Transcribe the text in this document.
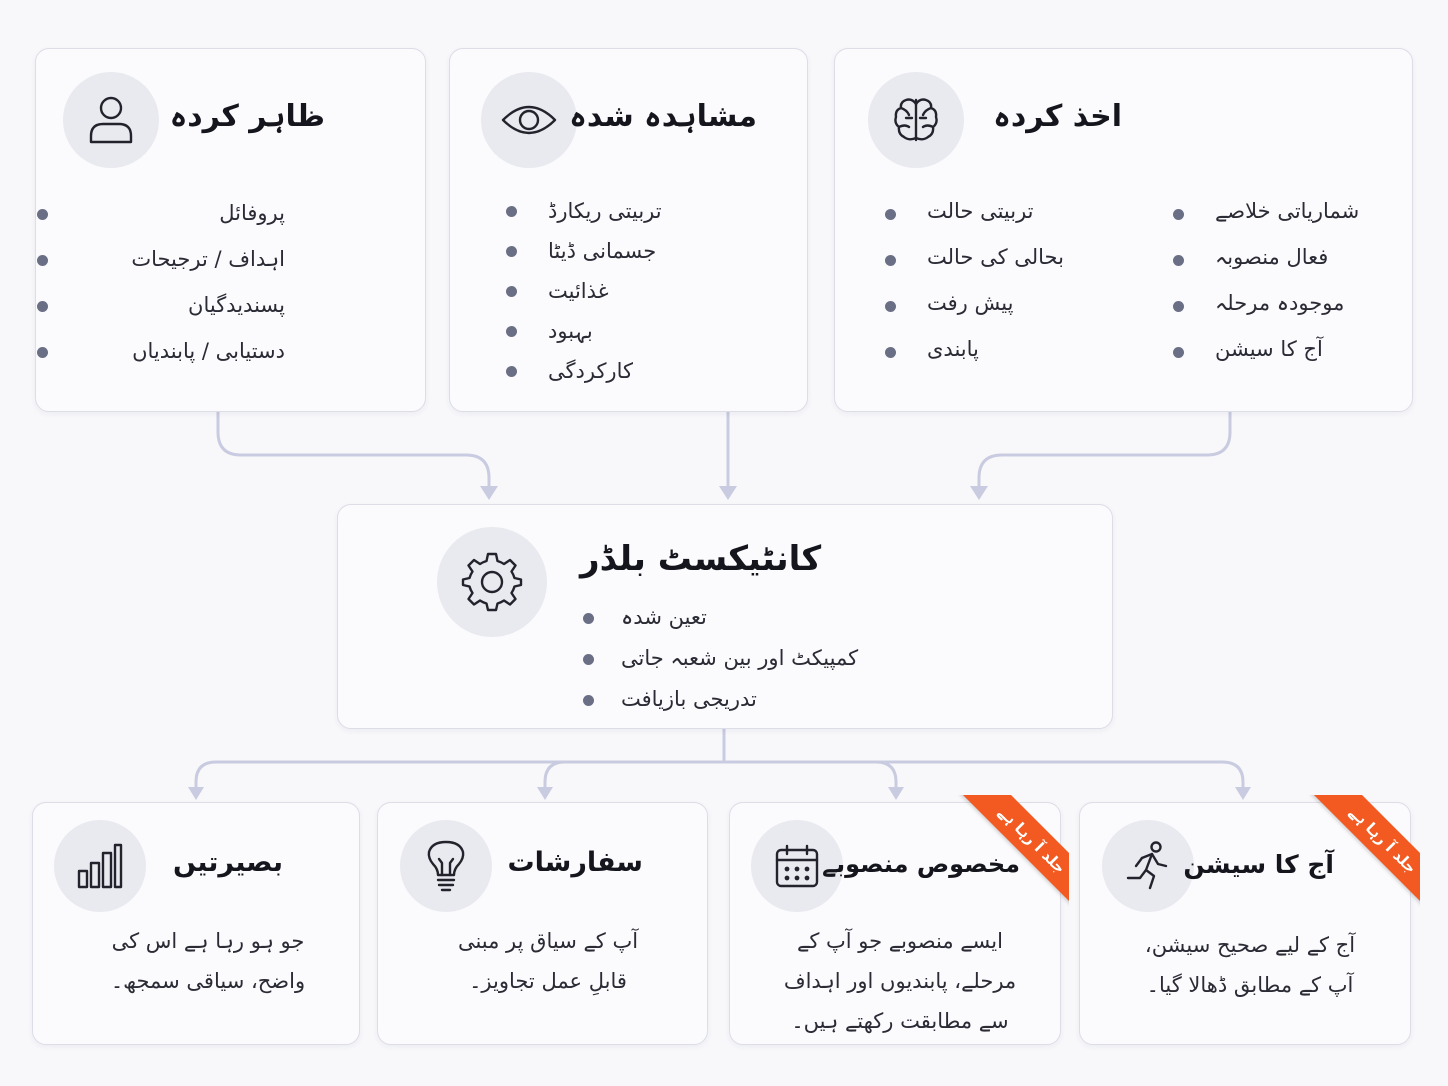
ظاہر کردہ
پروفائل
اہداف / ترجیحات
پسندیدگیان
دستیابی / پابندیاں
مشاہدہ شدہ
تربیتی ریکارڈ
جسمانی ڈیٹا
غذائیت
بہبود
کارکردگی
اخذ کردہ
شماریاتی خلاصے
فعال منصوبہ
موجودہ مرحلہ
آج کا سیشن
تربیتی حالت
بحالی کی حالت
پیش رفت
پابندی
کانٹیکسٹ بلڈر
تعین شدہ
کمپیکٹ اور بین شعبہ جاتی
تدریجی بازیافت
بصیرتیں
جو ہو رہا ہے اس کی
واضح، سیاقی سمجھ۔
سفارشات
آپ کے سیاق پر مبنی
قابلِ عمل تجاویز۔
مخصوص منصوبے
ایسے منصوبے جو آپ کے
مرحلے، پابندیوں اور اہداف
سے مطابقت رکھتے ہیں۔
جلد آ رہا ہے	آج کا سیشن
آج کے لیے صحیح سیشن،
آپ کے مطابق ڈھالا گیا۔
جلد آ رہا ہے
